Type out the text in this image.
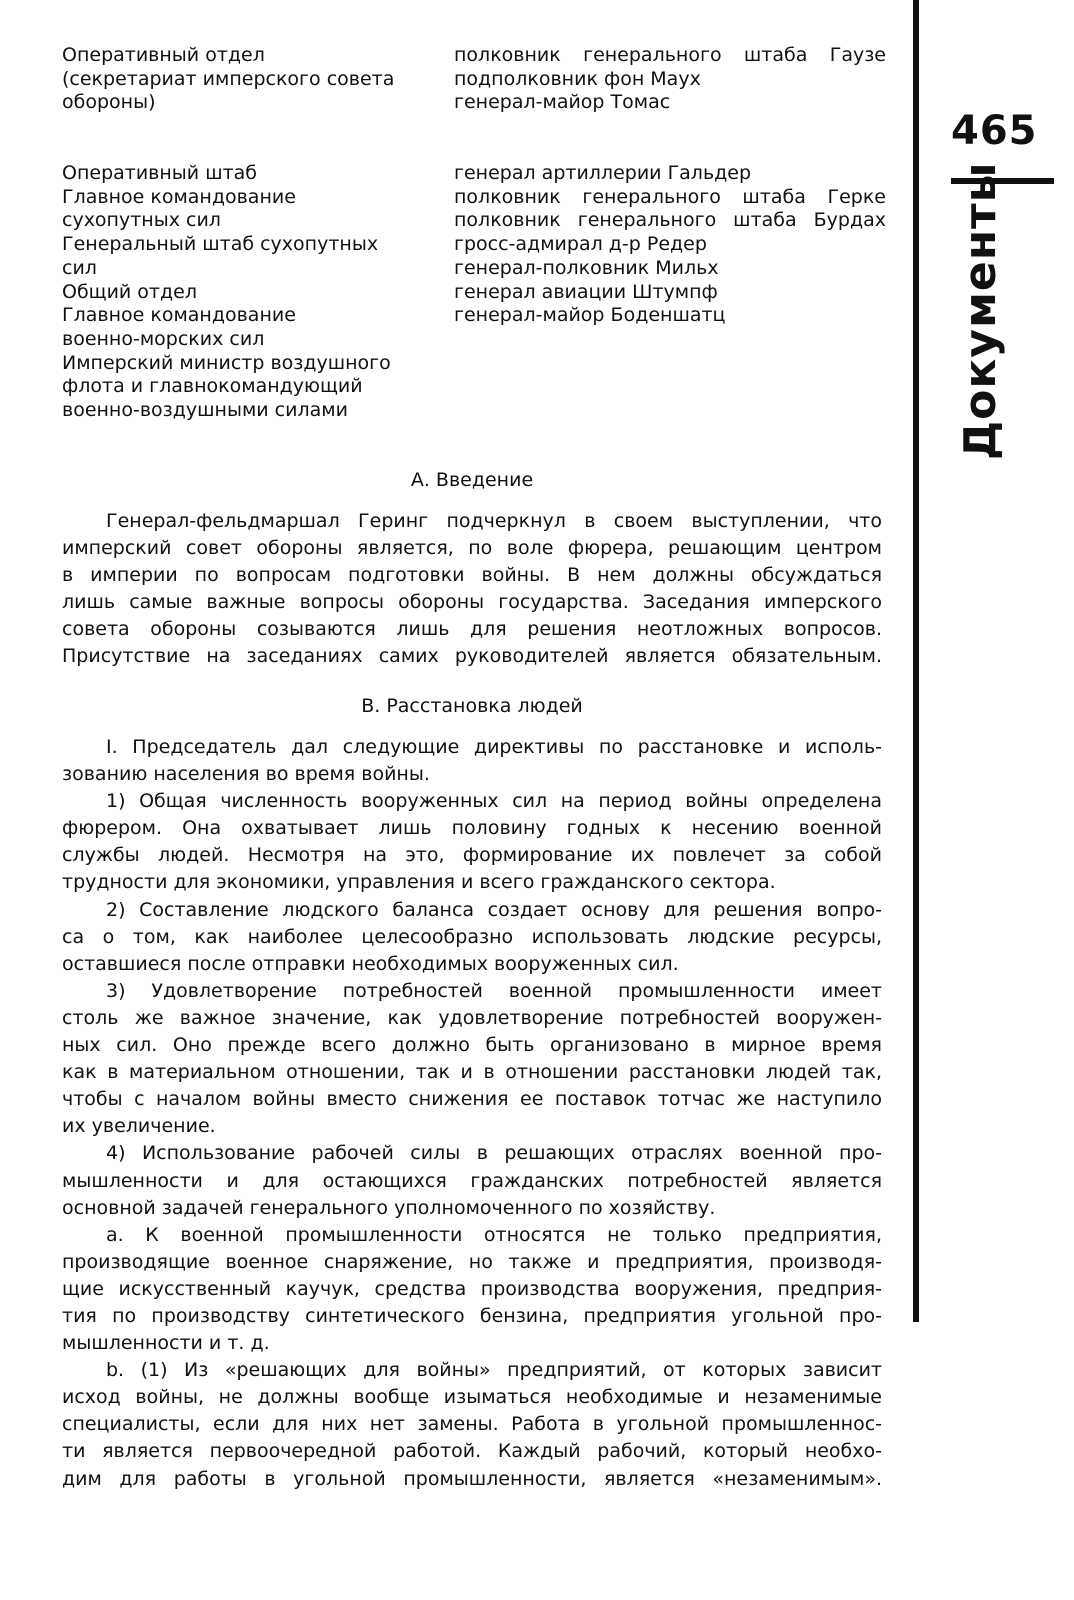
Оперативный отдел
(секретариат имперского совета
обороны)
полковник генерального штаба Гаузе
подполковник фон Маух
генерал-майор Томас
Оперативный штаб
Главное командование
сухопутных сил
Генеральный штаб сухопутных
сил
Общий отдел
Главное командование
военно-морских сил
Имперский министр воздушного
флота и главнокомандующий
военно-воздушными силами
генерал артиллерии Гальдер
полковник генерального штаба Герке
полковник генерального штаба Бурдах
гросс-адмирал д-р Редер
генерал-полковник Мильх
генерал авиации Штумпф
генерал-майор Боденшатц
А. Введение
Генерал-фельдмаршал Геринг подчеркнул в своем выступлении, что
имперский совет обороны является, по воле фюрера, решающим центром
в империи по вопросам подготовки войны. В нем должны обсуждаться
лишь самые важные вопросы обороны государства. Заседания имперского
совета обороны созываются лишь для решения неотложных вопросов.
Присутствие на заседаниях самих руководителей является обязательным.
В. Расстановка людей
I. Председатель дал следующие директивы по расстановке и исполь-
зованию населения во время войны.
1) Общая численность вооруженных сил на период войны определена
фюрером. Она охватывает лишь половину годных к несению военной
службы людей. Несмотря на это, формирование их повлечет за собой
трудности для экономики, управления и всего гражданского сектора.
2) Составление людского баланса создает основу для решения вопро-
са о том, как наиболее целесообразно использовать людские ресурсы,
оставшиеся после отправки необходимых вооруженных сил.
3) Удовлетворение потребностей военной промышленности имеет
столь же важное значение, как удовлетворение потребностей вооружен-
ных сил. Оно прежде всего должно быть организовано в мирное время
как в материальном отношении, так и в отношении расстановки людей так,
чтобы с началом войны вместо снижения ее поставок тотчас же наступило
их увеличение.
4) Использование рабочей силы в решающих отраслях военной про-
мышленности и для остающихся гражданских потребностей является
основной задачей генерального уполномоченного по хозяйству.
a. К военной промышленности относятся не только предприятия,
производящие военное снаряжение, но также и предприятия, производя-
щие искусственный каучук, средства производства вооружения, предприя-
тия по производству синтетического бензина, предприятия угольной про-
мышленности и т. д.
b. (1) Из «решающих для войны» предприятий, от которых зависит
исход войны, не должны вообще изыматься необходимые и незаменимые
специалисты, если для них нет замены. Работа в угольной промышленнос-
ти является первоочередной работой. Каждый рабочий, который необхо-
дим для работы в угольной промышленности, является «незаменимым».
465
Документы
